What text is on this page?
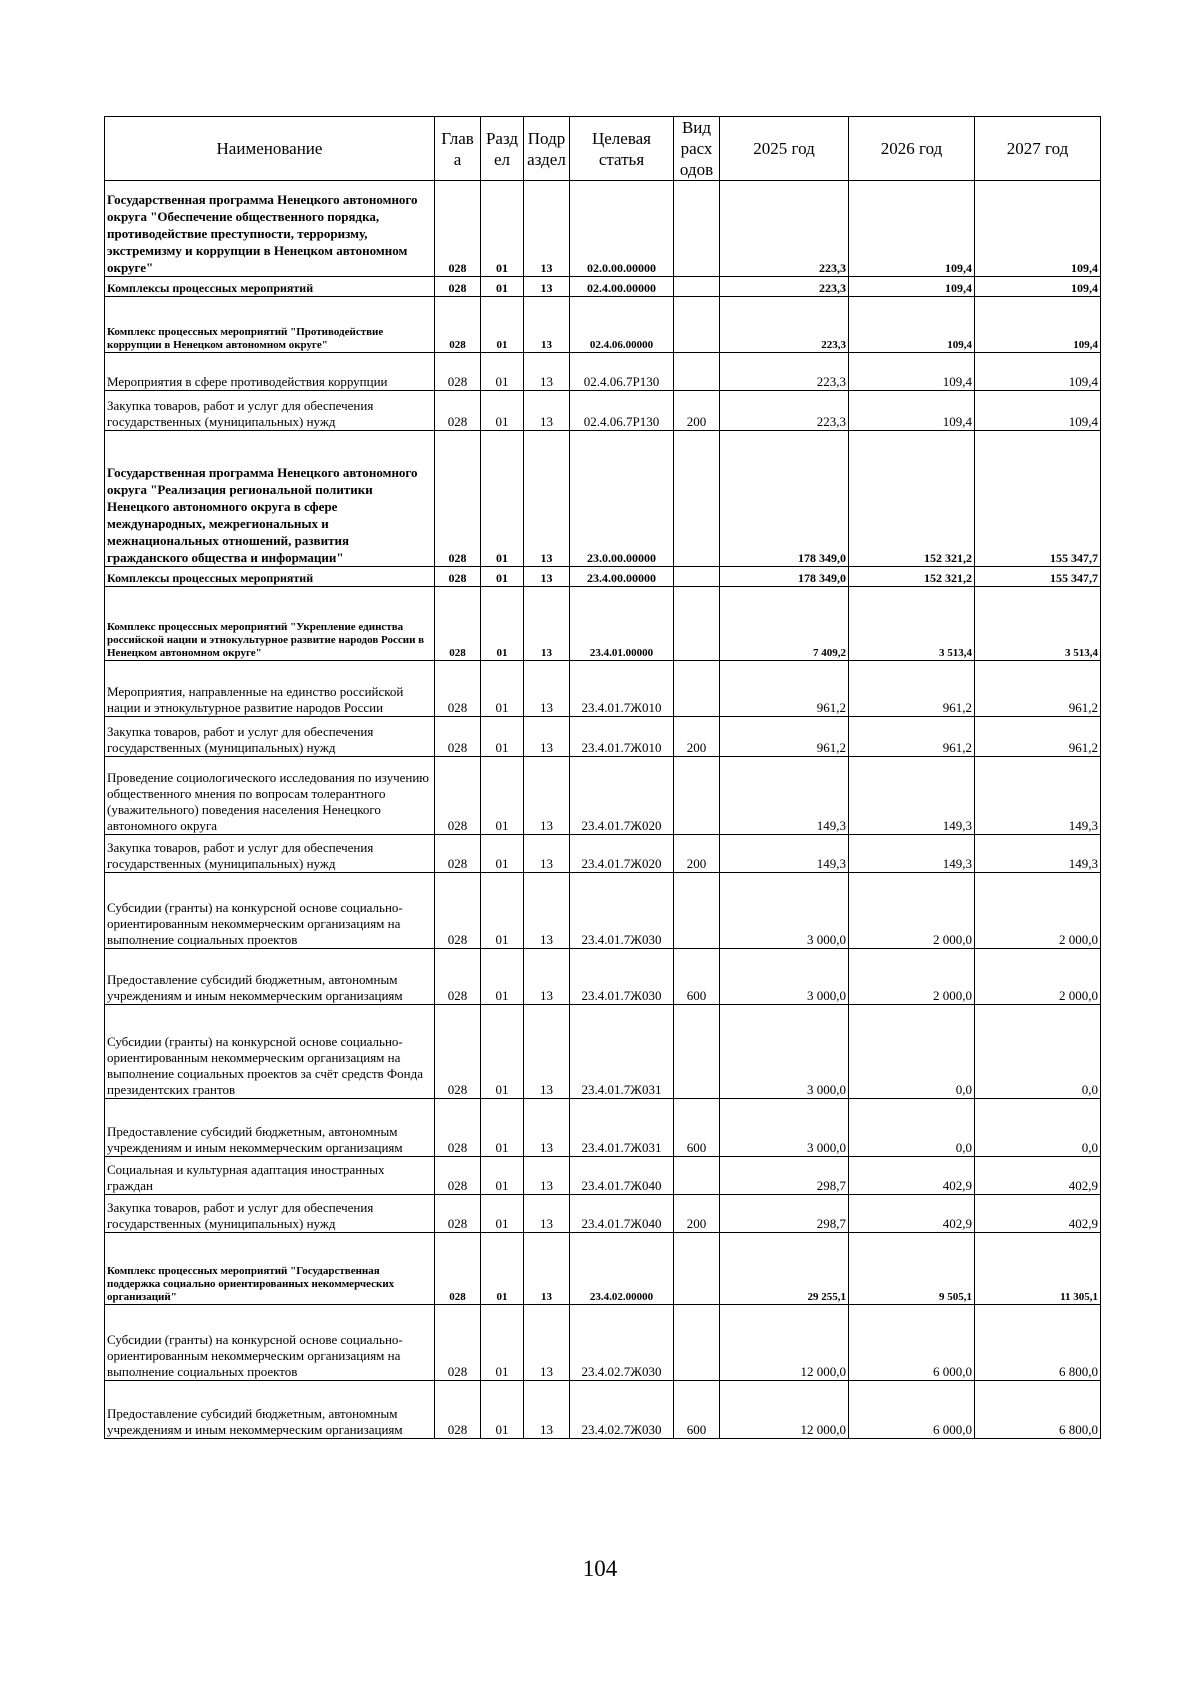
Наименование	Глав а	Разд ел	Подр аздел	Целевая статья	Вид расх одов	2025 год	2026 год	2027 год
Государственная программа Ненецкого автономного округа "Обеспечение общественного порядка, противодействие преступности, терроризму, экстремизму и коррупции в Ненецком автономном округе"	028	01	13	02.0.00.00000		223,3	109,4	109,4
Комплексы процессных мероприятий	028	01	13	02.4.00.00000		223,3	109,4	109,4
Комплекс процессных мероприятий "Противодействие коррупции в Ненецком автономном округе"	028	01	13	02.4.06.00000		223,3	109,4	109,4
Мероприятия в сфере противодействия коррупции	028	01	13	02.4.06.7Р130		223,3	109,4	109,4
Закупка товаров, работ и услуг для обеспечения государственных (муниципальных) нужд	028	01	13	02.4.06.7Р130	200	223,3	109,4	109,4
Государственная программа Ненецкого автономного округа "Реализация региональной политики Ненецкого автономного округа в сфере международных, межрегиональных и межнациональных отношений, развития гражданского общества и информации"	028	01	13	23.0.00.00000		178 349,0	152 321,2	155 347,7
Комплексы процессных мероприятий	028	01	13	23.4.00.00000		178 349,0	152 321,2	155 347,7
Комплекс процессных мероприятий "Укрепление единства российской нации и этнокультурное развитие народов России в Ненецком автономном округе"	028	01	13	23.4.01.00000		7 409,2	3 513,4	3 513,4
Мероприятия, направленные на единство российской нации и этнокультурное развитие народов России	028	01	13	23.4.01.7Ж010		961,2	961,2	961,2
Закупка товаров, работ и услуг для обеспечения государственных (муниципальных) нужд	028	01	13	23.4.01.7Ж010	200	961,2	961,2	961,2
Проведение социологического исследования по изучению общественного мнения по вопросам толерантного (уважительного) поведения населения Ненецкого автономного округа	028	01	13	23.4.01.7Ж020		149,3	149,3	149,3
Закупка товаров, работ и услуг для обеспечения государственных (муниципальных) нужд	028	01	13	23.4.01.7Ж020	200	149,3	149,3	149,3
Субсидии (гранты) на конкурсной основе социально-ориентированным некоммерческим организациям на выполнение социальных проектов	028	01	13	23.4.01.7Ж030		3 000,0	2 000,0	2 000,0
Предоставление субсидий бюджетным, автономным учреждениям и иным некоммерческим организациям	028	01	13	23.4.01.7Ж030	600	3 000,0	2 000,0	2 000,0
Субсидии (гранты) на конкурсной основе социально-ориентированным некоммерческим организациям на выполнение социальных проектов за счёт средств Фонда президентских грантов	028	01	13	23.4.01.7Ж031		3 000,0	0,0	0,0
Предоставление субсидий бюджетным, автономным учреждениям и иным некоммерческим организациям	028	01	13	23.4.01.7Ж031	600	3 000,0	0,0	0,0
Социальная и культурная адаптация иностранных граждан	028	01	13	23.4.01.7Ж040		298,7	402,9	402,9
Закупка товаров, работ и услуг для обеспечения государственных (муниципальных) нужд	028	01	13	23.4.01.7Ж040	200	298,7	402,9	402,9
Комплекс процессных мероприятий "Государственная поддержка социально ориентированных некоммерческих организаций"	028	01	13	23.4.02.00000		29 255,1	9 505,1	11 305,1
Субсидии (гранты) на конкурсной основе социально-ориентированным некоммерческим организациям на выполнение социальных проектов	028	01	13	23.4.02.7Ж030		12 000,0	6 000,0	6 800,0
Предоставление субсидий бюджетным, автономным учреждениям и иным некоммерческим организациям	028	01	13	23.4.02.7Ж030	600	12 000,0	6 000,0	6 800,0
104
